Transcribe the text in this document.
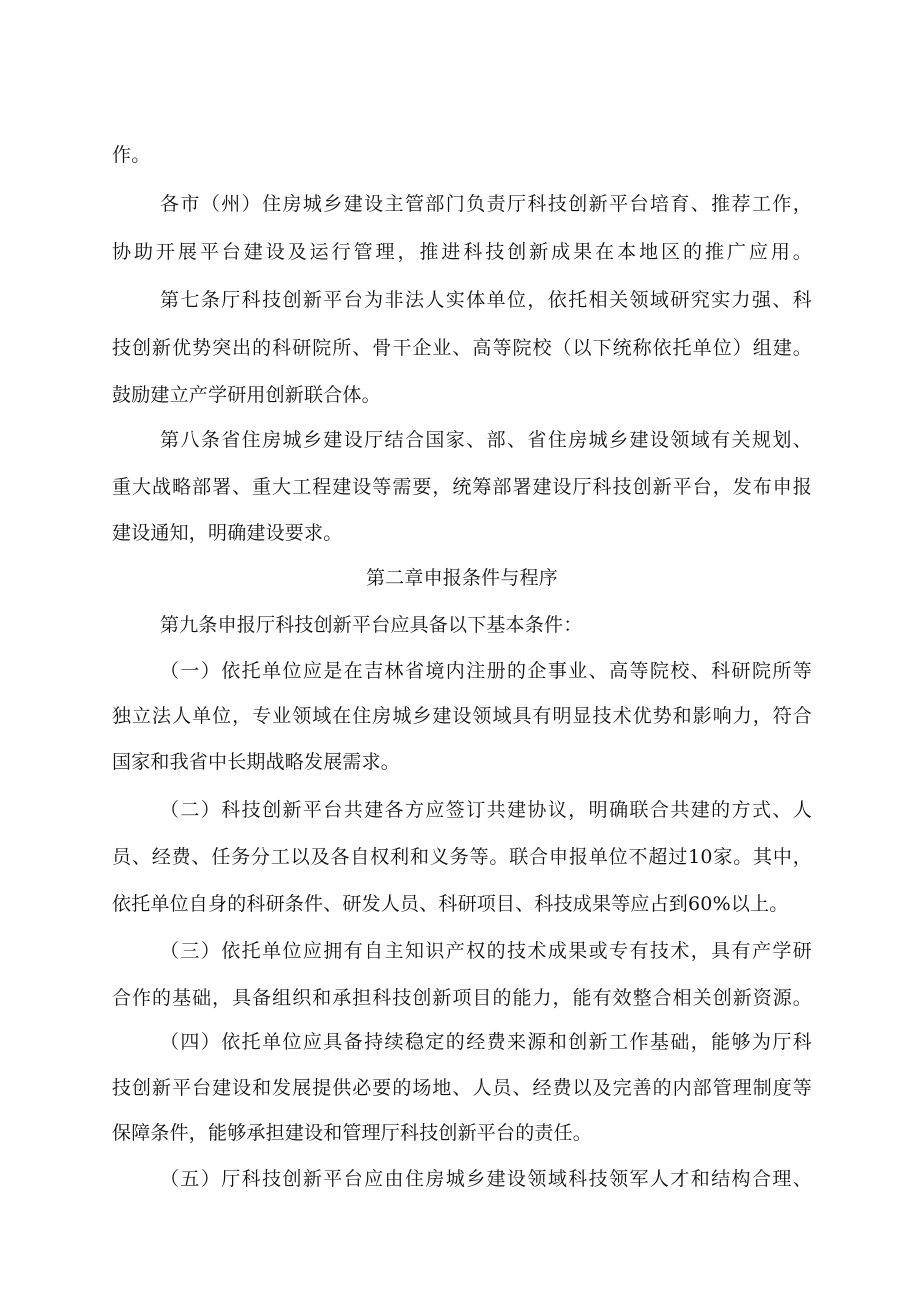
作。
各市（州）住房城乡建设主管部门负责厅科技创新平台培育、推荐工作，
协助开展平台建设及运行管理，推进科技创新成果在本地区的推广应用。
第七条厅科技创新平台为非法人实体单位，依托相关领域研究实力强、科
技创新优势突出的科研院所、骨干企业、高等院校（以下统称依托单位）组建。
鼓励建立产学研用创新联合体。
第八条省住房城乡建设厅结合国家、部、省住房城乡建设领域有关规划、
重大战略部署、重大工程建设等需要，统筹部署建设厅科技创新平台，发布申报
建设通知，明确建设要求。
第二章申报条件与程序
第九条申报厅科技创新平台应具备以下基本条件：
（一）依托单位应是在吉林省境内注册的企事业、高等院校、科研院所等
独立法人单位，专业领域在住房城乡建设领域具有明显技术优势和影响力，符合
国家和我省中长期战略发展需求。
（二）科技创新平台共建各方应签订共建协议，明确联合共建的方式、人
员、经费、任务分工以及各自权利和义务等。联合申报单位不超过10家。其中，
依托单位自身的科研条件、研发人员、科研项目、科技成果等应占到60%以上。
（三）依托单位应拥有自主知识产权的技术成果或专有技术，具有产学研
合作的基础，具备组织和承担科技创新项目的能力，能有效整合相关创新资源。
（四）依托单位应具备持续稳定的经费来源和创新工作基础，能够为厅科
技创新平台建设和发展提供必要的场地、人员、经费以及完善的内部管理制度等
保障条件，能够承担建设和管理厅科技创新平台的责任。
（五）厅科技创新平台应由住房城乡建设领域科技领军人才和结构合理、
